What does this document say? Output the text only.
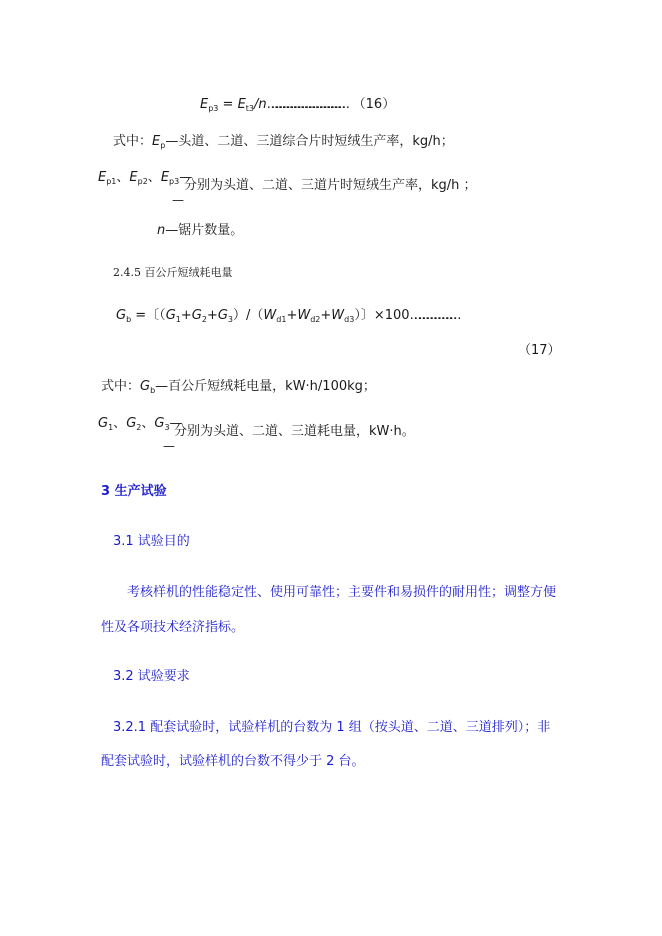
$E_{p3}$ = $E_{t3}/n\dots\dots\dots\dots\dots\dots\dots\dots\dots\dots\dots\dots\dots\dots\dots\dots\dots\dots\dots\dots$ （16）
式中：$E_p—$头道、二道、三道综合片时短绒生产率，kg/h；
$E_{p1}$、$E_{p2}$、$E_{p3}—$
分别为头道、二道、三道片时短绒生产率，kg/h ；
—
n—锯片数量。
2.4.5 百公斤短绒耗电量
$G_b$ =〔$(G_1+G_2+G_3)/(W_{d1}+W_{d2}+W_{d3})$〕×100……………………………
（17）
式中：$G_b—$百公斤短绒耗电量，kW·h/100kg；
$G_1$、$G_2$、$G_3—$
分别为头道、二道、三道耗电量，kW·h。
—
3 生产试验
3.1 试验目的
考核样机的性能稳定性、使用可靠性；主要件和易损件的耐用性；调整方便
性及各项技术经济指标。
3.2 试验要求
3.2.1 配套试验时，试验样机的台数为 1 组（按头道、二道、三道排列）；非
配套试验时，试验样机的台数不得少于 2 台。
